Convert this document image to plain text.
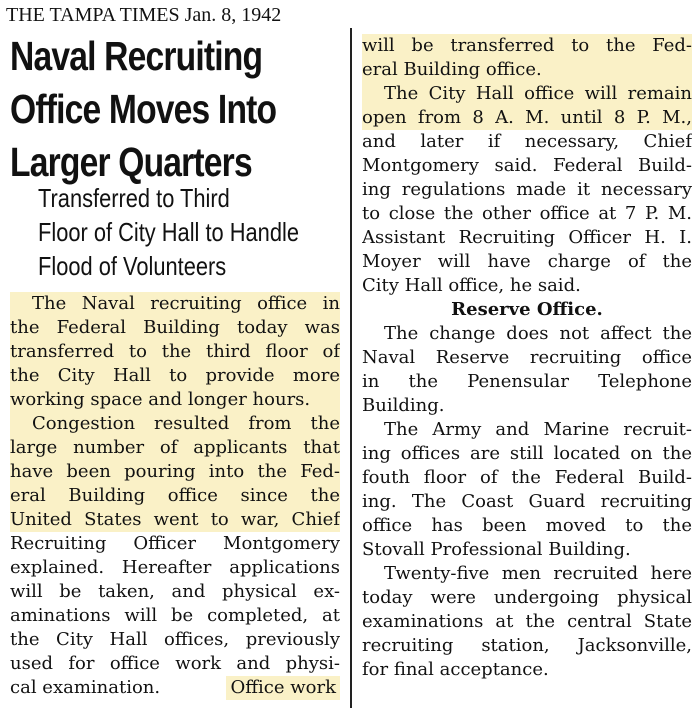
THE TAMPA TIMES Jan. 8, 1942
Naval Recruiting
Office Moves Into
Larger Quarters
Transferred to Third
Floor of City Hall to Handle
Flood of Volunteers
The Naval recruiting office in
the Federal Building today was
transferred to the third floor of
the City Hall to provide more
working space and longer hours.
Congestion resulted from the
large number of applicants that
have been pouring into the Fed-
eral Building office since the
United States went to war, Chief
Recruiting Officer Montgomery
explained. Hereafter applications
will be taken, and physical ex-
aminations will be completed, at
the City Hall offices, previously
used for office work and physi-
cal examination.	Office work
will be transferred to the Fed-
eral Building office.
The City Hall office will remain
open from 8 A. M. until 8 P. M.,
and later if necessary, Chief
Montgomery said. Federal Build-
ing regulations made it necessary
to close the other office at 7 P. M.
Assistant Recruiting Officer H. I.
Moyer will have charge of the
City Hall office, he said.
Reserve Office.
The change does not affect the
Naval Reserve recruiting office
in the Penensular Telephone
Building.
The Army and Marine recruit-
ing offices are still located on the
fouth floor of the Federal Build-
ing. The Coast Guard recruiting
office has been moved to the
Stovall Professional Building.
Twenty-five men recruited here
today were undergoing physical
examinations at the central State
recruiting station, Jacksonville,
for final acceptance.
